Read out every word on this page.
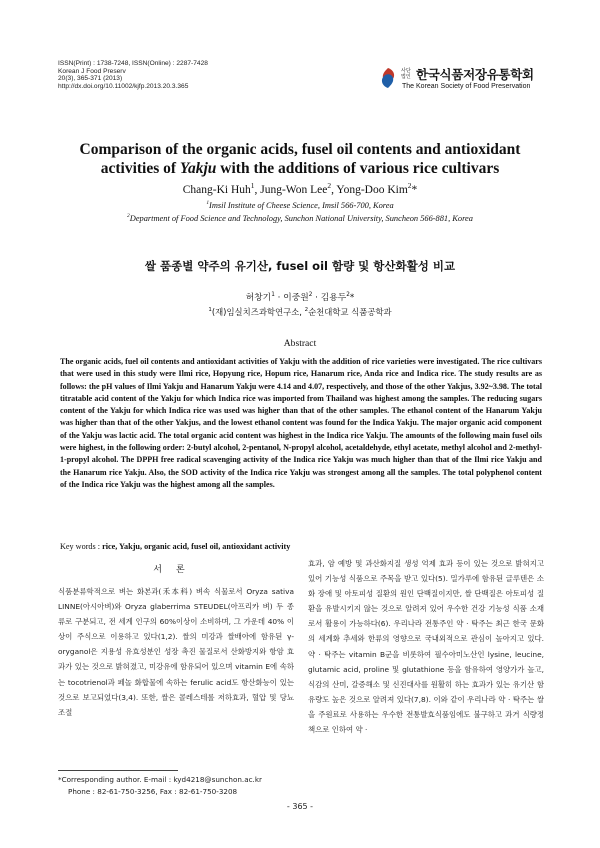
ISSN(Print) : 1738-7248, ISSN(Online) : 2287-7428
Korean J Food Preserv
20(3), 365-371 (2013)
http://dx.doi.org/10.11002/kjfp.2013.20.3.365
사단
법인 한국식품저장유통학회
The Korean Society of Food Preservation
Comparison of the organic acids, fusel oil contents and antioxidant
activities of Yakju with the additions of various rice cultivars
Chang-Ki Huh$^1$, Jung-Won Lee$^2$, Yong-Doo Kim$^2$*
$^1$Imsil Institute of Cheese Science, Imsil 566-700, Korea
$^2$Department of Food Science and Technology, Sunchon National University, Suncheon 566-881, Korea
쌀 품종별 약주의 유기산, fusel oil 함량 및 항산화활성 비교
허창기$^1$ · 이중원$^2$ · 김용두$^2$*
$^1$(재)임실치즈과학연구소, $^2$순천대학교 식품공학과
Abstract
The organic acids, fuel oil contents and antioxidant activities of Yakju with the addition of rice varieties were investigated. The rice cultivars that were used in this study were Ilmi rice, Hopyung rice, Hopum rice, Hanarum rice, Anda rice and Indica rice. The study results are as follows: the pH values of Ilmi Yakju and Hanarum Yakju were 4.14 and 4.07, respectively, and those of the other Yakjus, 3.92~3.98. The total titratable acid content of the Yakju for which Indica rice was imported from Thailand was highest among the samples. The reducing sugars content of the Yakju for which Indica rice was used was higher than that of the other samples. The ethanol content of the Hanarum Yakju was higher than that of the other Yakjus, and the lowest ethanol content was found for the Indica Yakju. The major organic acid component of the Yakju was lactic acid. The total organic acid content was highest in the Indica rice Yakju. The amounts of the following main fusel oils were highest, in the following order: 2-butyl alcohol, 2-pentanol, N-propyl alcohol, acetaldehyde, ethyl acetate, methyl alcohol and 2-methyl-1-propyl alcohol. The DPPH free radical scavenging activity of the Indica rice Yakju was much higher than that of the Ilmi rice Yakju and the Hanarum rice Yakju. Also, the SOD activity of the Indica rice Yakju was strongest among all the samples. The total polyphenol content of the Indica rice Yakju was the highest among all the samples.
Key words : rice, Yakju, organic acid, fusel oil, antioxidant activity
서론
식품분류학적으로 벼는 화본과(禾本科) 벼속 식물로서 Oryza sativa LINNE(아시아벼)와 Oryza glaberrima STEUDEL(아프리카 벼) 두 종류로 구분되고, 전 세계 인구의 60%이상이 소비하며, 그 가운데 40% 이상이 주식으로 이용하고 있다(1,2). 쌀의 미강과 쌀배아에 함유된 γ-oryganol은 지용성 유효성분인 성장 촉진 물질로서 산화방지와 항암 효과가 있는 것으로 밝혀졌고, 미강유에 함유되어 있으며 vitamin E에 속하는 tocotrienol과 페놀 화합물에 속하는 ferulic acid도 항산화능이 있는 것으로 보고되었다(3,4). 또한, 쌀은 콜레스테롤 저하효과, 혈압 및 당뇨 조절
효과, 암 예방 및 과산화지질 생성 억제 효과 등이 있는 것으로 밝혀지고 있어 기능성 식품으로 주목을 받고 있다(5). 밀가루에 함유된 글루텐은 소화 장애 및 아토피성 질환의 원인 단백질이지만, 쌀 단백질은 아토피성 질환을 유발시키지 않는 것으로 알려져 있어 우수한 건강 기능성 식품 소재로서 활용이 가능하다(6). 우리나라 전통주인 약 · 탁주는 최근 한국 문화의 세계화 추세와 한류의 영향으로 국내외적으로 관심이 높아지고 있다. 약 · 탁주는 vitamin B군을 비롯하여 필수아미노산인 lysine, leucine, glutamic acid, proline 및 glutathione 등을 함유하여 영양가가 높고, 식감의 산미, 갈증해소 및 신진대사를 원활히 하는 효과가 있는 유기산 함유량도 높은 것으로 알려져 있다(7,8). 이와 같이 우리나라 약 · 탁주는 쌀을 주원료로 사용하는 우수한 전통발효식품임에도 불구하고 과거 식량정책으로 인하여 약 ·
*Corresponding author. E-mail : kyd4218@sunchon.ac.kr
Phone : 82-61-750-3256, Fax : 82-61-750-3208
- 365 -
